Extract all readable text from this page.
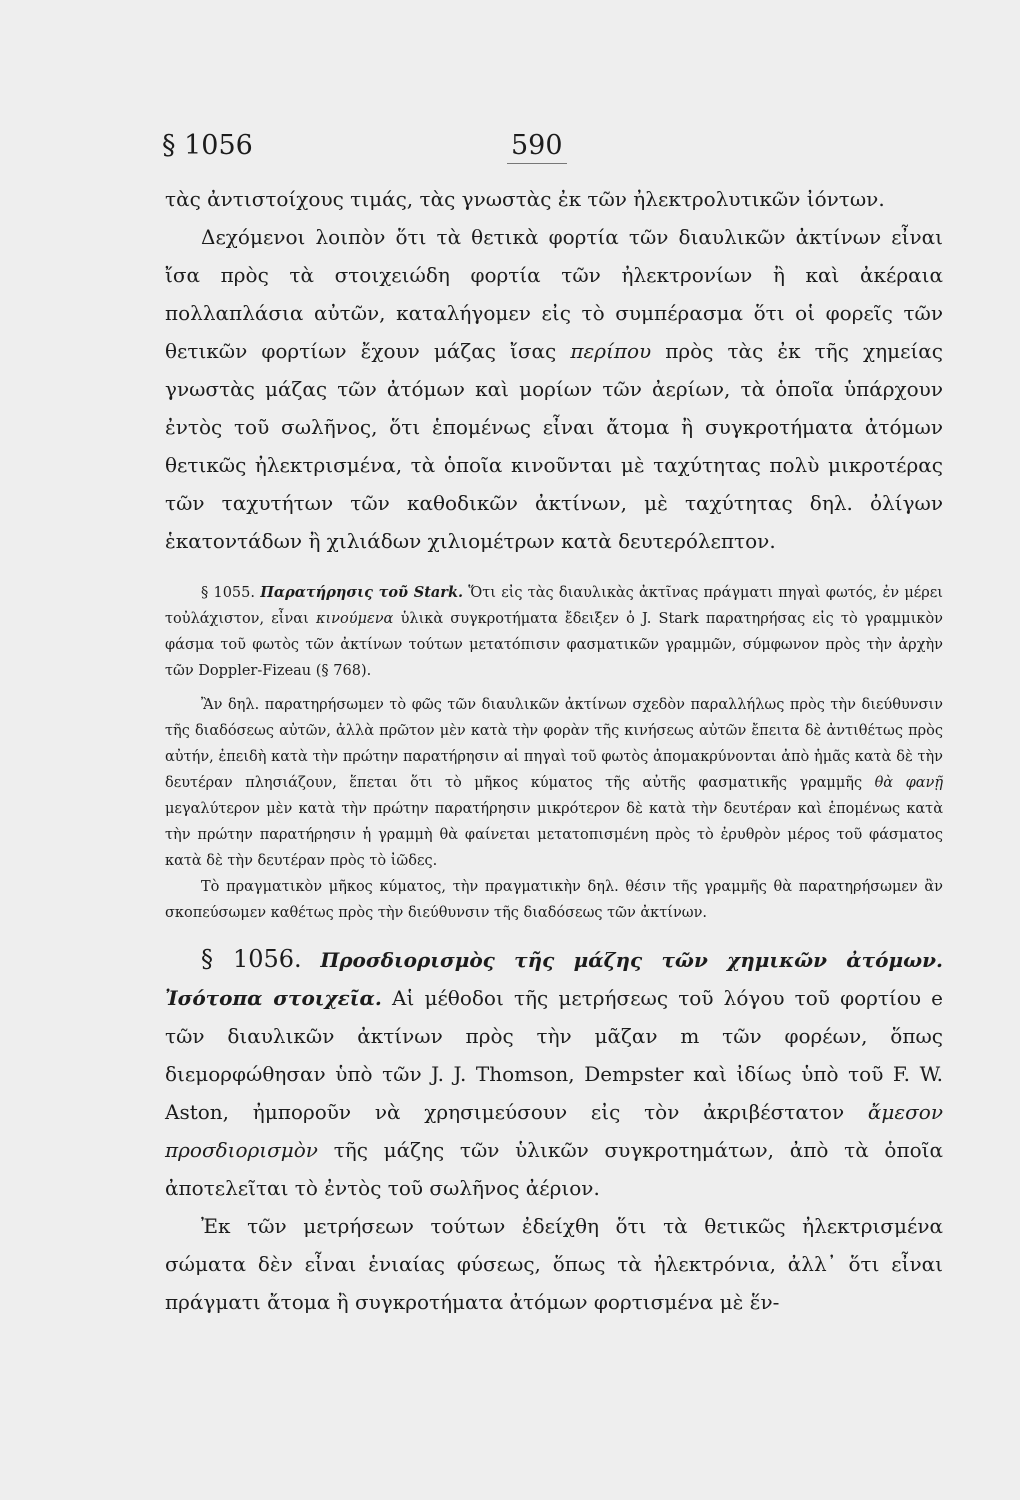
§ 1056	590

τὰς ἀντιστοίχους τιμάς, τὰς γνωστὰς ἐκ τῶν ἠλεκτρολυτικῶν ἰόντων.

Δεχόμενοι λοιπὸν ὅτι τὰ θετικὰ φορτία τῶν διαυλικῶν ἀκτίνων εἶναι ἴσα πρὸς τὰ στοιχειώδη φορτία τῶν ἠλεκτρονίων ἢ καὶ ἀκέραια πολλαπλάσια αὐτῶν, καταλήγομεν εἰς τὸ συμπέρασμα ὅτι οἱ φορεῖς τῶν θετικῶν φορτίων ἔχουν μάζας ἴσας περίπου πρὸς τὰς ἐκ τῆς χημείας γνωστὰς μάζας τῶν ἀτόμων καὶ μορίων τῶν ἀερίων, τὰ ὁποῖα ὑπάρχουν ἐντὸς τοῦ σωλῆνος, ὅτι ἑπομένως εἶναι ἄτομα ἢ συγκροτήματα ἀτόμων θετικῶς ἠλεκτρισμένα, τὰ ὁποῖα κινοῦνται μὲ ταχύτητας πολὺ μικροτέρας τῶν ταχυτήτων τῶν καθοδικῶν ἀκτίνων, μὲ ταχύτητας δηλ. ὀλίγων ἑκατοντάδων ἢ χιλιάδων χιλιομέτρων κατὰ δευτερόλεπτον.

§ 1055. Παρατήρησις τοῦ Stark. Ὅτι εἰς τὰς διαυλικὰς ἀκτῖνας πράγματι πηγαὶ φωτός, ἐν μέρει τοὐλάχιστον, εἶναι κινούμενα ὑλικὰ συγκροτήματα ἔδειξεν ὁ J. Stark παρατηρήσας εἰς τὸ γραμμικὸν φάσμα τοῦ φωτὸς τῶν ἀκτίνων τούτων μετατόπισιν φασματικῶν γραμμῶν, σύμφωνον πρὸς τὴν ἀρχὴν τῶν Doppler-Fizeau (§ 768).

Ἂν δηλ. παρατηρήσωμεν τὸ φῶς τῶν διαυλικῶν ἀκτίνων σχεδὸν παραλλήλως πρὸς τὴν διεύθυνσιν τῆς διαδόσεως αὐτῶν, ἀλλὰ πρῶτον μὲν κατὰ τὴν φορὰν τῆς κινήσεως αὐτῶν ἔπειτα δὲ ἀντιθέτως πρὸς αὐτήν, ἐπειδὴ κατὰ τὴν πρώτην παρατήρησιν αἱ πηγαὶ τοῦ φωτὸς ἀπομακρύνονται ἀπὸ ἡμᾶς κατὰ δὲ τὴν δευτέραν πλησιάζουν, ἕπεται ὅτι τὸ μῆκος κύματος τῆς αὐτῆς φασματικῆς γραμμῆς θὰ φανῇ μεγαλύτερον μὲν κατὰ τὴν πρώτην παρατήρησιν μικρότερον δὲ κατὰ τὴν δευτέραν καὶ ἑπομένως κατὰ τὴν πρώτην παρατήρησιν ἡ γραμμὴ θὰ φαίνεται μετατοπισμένη πρὸς τὸ ἐρυθρὸν μέρος τοῦ φάσματος κατὰ δὲ τὴν δευτέραν πρὸς τὸ ἰῶδες.

Τὸ πραγματικὸν μῆκος κύματος, τὴν πραγματικὴν δηλ. θέσιν τῆς γραμμῆς θὰ παρατηρήσωμεν ἂν σκοπεύσωμεν καθέτως πρὸς τὴν διεύθυνσιν τῆς διαδόσεως τῶν ἀκτίνων.

§ 1056. Προσδιορισμὸς τῆς μάζης τῶν χημικῶν ἀτόμων. Ἰσότοπα στοιχεῖα. Αἱ μέθοδοι τῆς μετρήσεως τοῦ λόγου τοῦ φορτίου e τῶν διαυλικῶν ἀκτίνων πρὸς τὴν μᾶζαν m τῶν φορέων, ὅπως διεμορφώθησαν ὑπὸ τῶν J. J. Thomson, Dempster καὶ ἰδίως ὑπὸ τοῦ F. W. Aston, ἠμποροῦν νὰ χρησιμεύσουν εἰς τὸν ἀκριβέστατον ἄμεσον προσδιορισμὸν τῆς μάζης τῶν ὑλικῶν συγκροτημάτων, ἀπὸ τὰ ὁποῖα ἀποτελεῖται τὸ ἐντὸς τοῦ σωλῆνος ἀέριον.

Ἐκ τῶν μετρήσεων τούτων ἐδείχθη ὅτι τὰ θετικῶς ἠλεκτρισμένα σώματα δὲν εἶναι ἑνιαίας φύσεως, ὅπως τὰ ἠλεκτρόνια, ἀλλ᾽ ὅτι εἶναι πράγματι ἄτομα ἢ συγκροτήματα ἀτόμων φορτισμένα μὲ ἕν-
